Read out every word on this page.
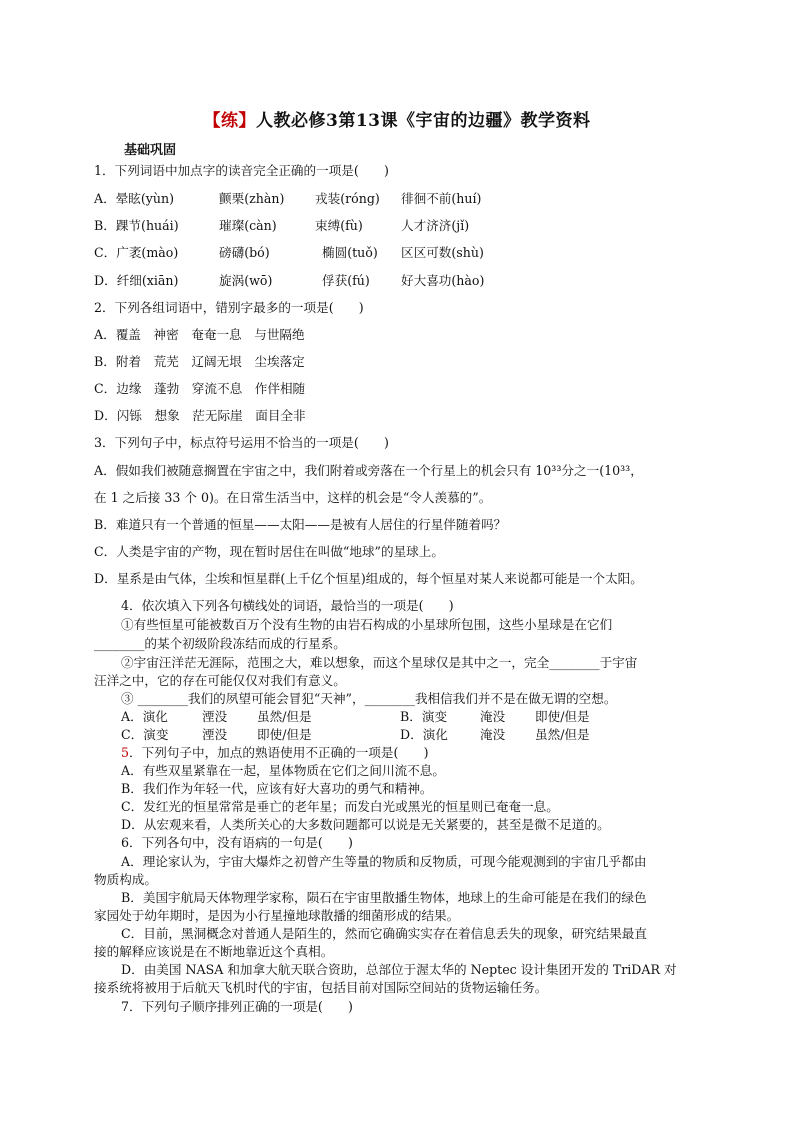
【练】人教必修3第13课《宇宙的边疆》教学资料
基础巩固
1．下列词语中加点字的读音完全正确的一项是(　　)
A．晕眩(yùn)	颤栗(zhàn) 戎装(róng) 徘徊不前(huí)
B．踝节(huái)	璀璨(càn)	束缚(fù)	人才济济(jǐ)
C．广袤(mào)	磅礴(bó)	椭圆(tuǒ) 区区可数(shù)
D．纤细(xiān)	旋涡(wō)	俘获(fú) 好大喜功(hào)
2．下列各组词语中，错别字最多的一项是(　　)
A．覆盖　神密　奄奄一息　与世隔绝
B．附着　荒芜　辽阔无垠　尘埃落定
C．边缘　蓬勃　穿流不息　作伴相随
D．闪铄　想象　茫无际崖　面目全非
3．下列句子中，标点符号运用不恰当的一项是(　　)
A．假如我们被随意搁置在宇宙之中，我们附着或旁落在一个行星上的机会只有 10³³分之一(10³³，
在 1 之后接 33 个 0)。在日常生活当中，这样的机会是“令人羡慕的”。
B．难道只有一个普通的恒星——太阳——是被有人居住的行星伴随着吗？
C．人类是宇宙的产物，现在暂时居住在叫做“地球”的星球上。
D．星系是由气体，尘埃和恒星群(上千亿个恒星)组成的，每个恒星对某人来说都可能是一个太阳。
4．依次填入下列各句横线处的词语，最恰当的一项是(　　)
①有些恒星可能被数百万个没有生物的由岩石构成的小星球所包围，这些小星球是在它们
________的某个初级阶段冻结而成的行星系。
②宇宙汪洋茫无涯际，范围之大，难以想象，而这个星球仅是其中之一，完全________于宇宙
汪洋之中，它的存在可能仅仅对我们有意义。
③ ________我们的夙望可能会冒犯“天神”，________我相信我们并不是在做无谓的空想。
A．演化	湮没 虽然/但是	B．演变	淹没 即使/但是
C．演变	湮没 即使/但是	D．演化	淹没 虽然/但是
5．下列句子中，加点的熟语使用不正确的一项是(　　)
A．有些双星紧靠在一起，星体物质在它们之间川流不息。
B．我们作为年轻一代，应该有好大喜功的勇气和精神。
C．发红光的恒星常常是垂亡的老年星；而发白光或黑光的恒星则已奄奄一息。
D．从宏观来看，人类所关心的大多数问题都可以说是无关紧要的，甚至是微不足道的。
6．下列各句中，没有语病的一句是(　　)
A．理论家认为，宇宙大爆炸之初曾产生等量的物质和反物质，可现今能观测到的宇宙几乎都由
物质构成。
B．美国宇航局天体物理学家称，陨石在宇宙里散播生物体，地球上的生命可能是在我们的绿色
家园处于幼年期时，是因为小行星撞地球散播的细菌形成的结果。
C．目前，黑洞概念对普通人是陌生的，然而它确确实实存在着信息丢失的现象，研究结果最直
接的解释应该说是在不断地靠近这个真相。
D．由美国 NASA 和加拿大航天联合资助，总部位于渥太华的 Neptec 设计集团开发的 TriDAR 对
接系统将被用于后航天飞机时代的宇宙，包括目前对国际空间站的货物运输任务。
7．下列句子顺序排列正确的一项是(　　)
